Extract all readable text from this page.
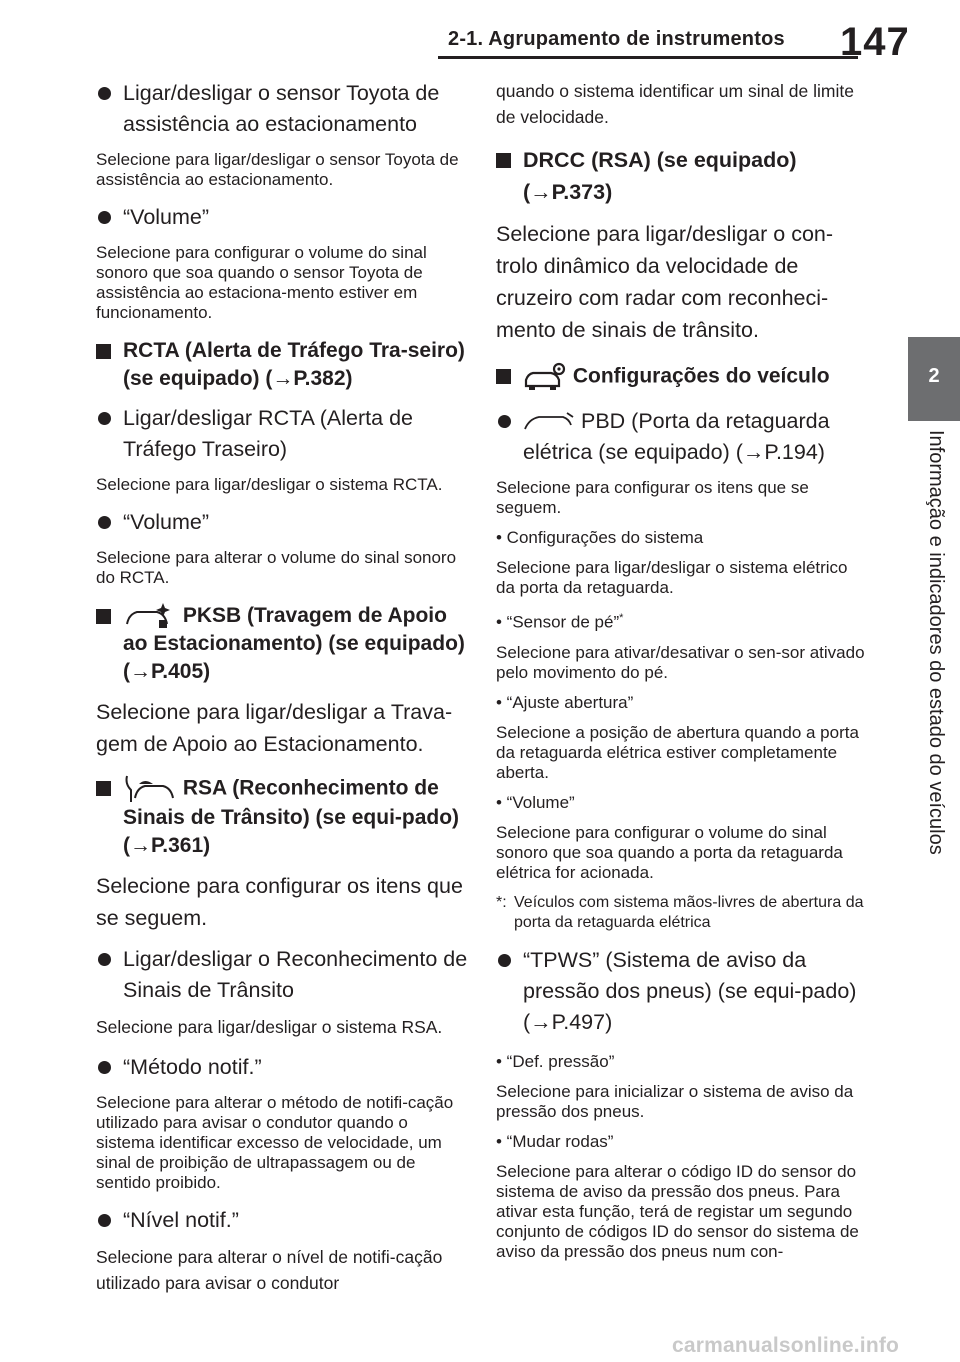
2-1. Agrupamento de instrumentos 147
2
Informação e indicadores do estado do veículos
Ligar/desligar o sensor Toyota de assistência ao estacionamento
Selecione para ligar/desligar o sensor Toyota de assistência ao estacionamento.
“Volume”
Selecione para configurar o volume do sinal sonoro que soa quando o sensor Toyota de assistência ao estaciona-mento estiver em funcionamento.
RCTA (Alerta de Tráfego Tra-seiro) (se equipado) (→P.382)
Ligar/desligar RCTA (Alerta de Tráfego Traseiro)
Selecione para ligar/desligar o sistema RCTA.
“Volume”
Selecione para alterar o volume do sinal sonoro do RCTA.
PKSB (Travagem de Apoio ao Estacionamento) (se equipado) (→P.405)
Selecione para ligar/desligar a Trava-gem de Apoio ao Estacionamento.
RSA (Reconhecimento de Sinais de Trânsito) (se equi-pado) (→P.361)
Selecione para configurar os itens que se seguem.
Ligar/desligar o Reconhecimento de Sinais de Trânsito
Selecione para ligar/desligar o sistema RSA.
“Método notif.”
Selecione para alterar o método de notifi-cação utilizado para avisar o condutor quando o sistema identificar excesso de velocidade, um sinal de proibição de ultrapassagem ou de sentido proibido.
“Nível notif.”
Selecione para alterar o nível de notifi-cação utilizado para avisar o condutor
quando o sistema identificar um sinal de limite de velocidade.
DRCC (RSA) (se equipado) (→P.373)
Selecione para ligar/desligar o con-trolo dinâmico da velocidade de cruzeiro com radar com reconheci-mento de sinais de trânsito.
Configurações do veículo
PBD (Porta da retaguarda elétrica (se equipado) (→P.194)
Selecione para configurar os itens que se seguem.
• Configurações do sistema
Selecione para ligar/desligar o sistema elétrico da porta da retaguarda.
• “Sensor de pé”*
Selecione para ativar/desativar o sen-sor ativado pelo movimento do pé.
• “Ajuste abertura”
Selecione a posição de abertura quando a porta da retaguarda elétrica estiver completamente aberta.
• “Volume”
Selecione para configurar o volume do sinal sonoro que soa quando a porta da retaguarda elétrica for acionada.
*: Veículos com sistema mãos-livres de abertura da porta da retaguarda elétrica
“TPWS” (Sistema de aviso da pressão dos pneus) (se equi-pado) (→P.497)
• “Def. pressão”
Selecione para inicializar o sistema de aviso da pressão dos pneus.
• “Mudar rodas”
Selecione para alterar o código ID do sensor do sistema de aviso da pressão dos pneus. Para ativar esta função, terá de registar um segundo conjunto de códigos ID do sensor do sistema de aviso da pressão dos pneus num con-
carmanualsonline.info
